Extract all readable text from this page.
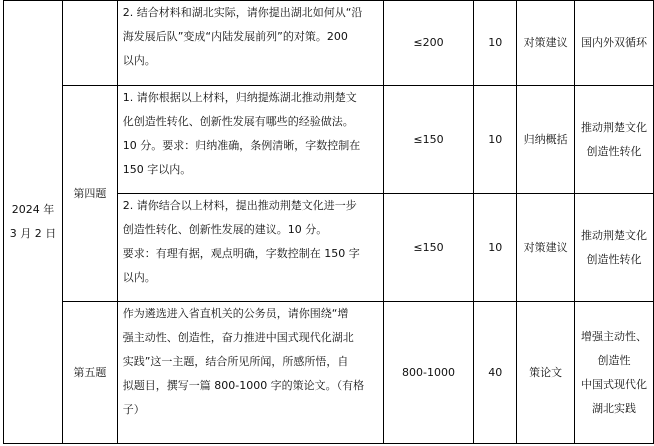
2024 年
3 月 2 日		2. 结合材料和湖北实际，请你提出湖北如何从“沿
海发展后队”变成“内陆发展前列”的对策。200
以内。	≤200	10	对策建议	国内外双循环

	第四题	1. 请你根据以上材料，归纳提炼湖北推动荆楚文
化创造性转化、创新性发展有哪些的经验做法。
10 分。要求：归纳准确，条例清晰，字数控制在
150 字以内。	≤150	10	归纳概括	推动荆楚文化
创造性转化

		2. 请你结合以上材料，提出推动荆楚文化进一步
创造性转化、创新性发展的建议。10 分。
要求：有理有据，观点明确，字数控制在 150 字
以内。	≤150	10	对策建议	推动荆楚文化
创造性转化

	第五题	作为遴选进入省直机关的公务员，请你围绕“增
强主动性、创造性，奋力推进中国式现代化湖北
实践”这一主题，结合所见所闻，所感所悟，自
拟题目，撰写一篇 800-1000 字的策论文。（有格
子）	800-1000	40	策论文	增强主动性、
创造性
中国式现代化
湖北实践
